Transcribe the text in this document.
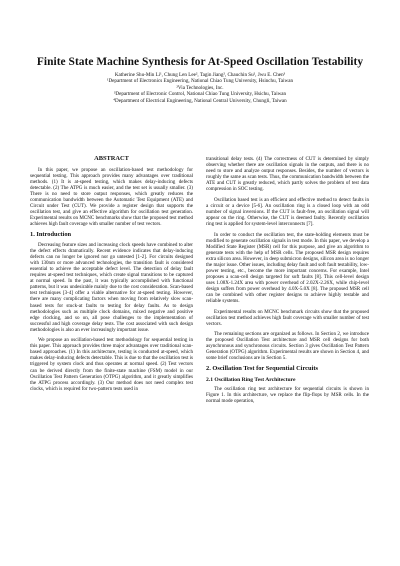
Finite State Machine Synthesis for At-Speed Oscillation Testability
Katherine Shu-Min Li¹, Chung Len Lee², Tagin Jiang², Chauchin Su², Jwu E. Chen³
¹Department of Electronics Engineering, National Chiao Tung University, Hsinchu, Taiwan
²Via Technologies, Inc.
³Department of Electronic Control, National Chiao Tung University, Hsichu, Taiwan
⁴Department of Electrical Engineering, National Central University, Chungli, Taiwan
ABSTRACT

In this paper, we propose an oscillation-based test methodology for sequential testing. This approach provides many advantages over traditional methods. (1) It is at-speed testing, which makes delay-inducing defects detectable. (2) The ATPG is much easier, and the test set is usually smaller. (3) There is no need to store output responses, which greatly reduces the communication bandwidth between the Automatic Test Equipment (ATE) and Circuit under Test (CUT). We provide a register design that supports the oscillation test, and give an effective algorithm for oscillation test generation. Experimental results on MCNC benchmarks show that the proposed test method achieves high fault coverage with smaller number of test vectors.

1. Introduction

Decreasing feature sizes and increasing clock speeds have combined to alter the defect effects dramatically. Recent evidence indicates that delay-inducing defects can no longer be ignored nor go untested [1-2]. For circuits designed with 130nm or more advanced technologies, the transition fault is considered essential to achieve the acceptable defect level. The detection of delay fault requires at-speed test techniques, which create signal transitions to be captured at normal speed. In the past, it was typically accomplished with functional patterns, but it was undesirable mainly due to the cost consideration. Scan-based test techniques [3-4] offer a viable alternative for at-speed testing. However, there are many complicating factors when moving from relatively slow scan-based tests for stuck-at faults to testing for delay faults. As to design methodologies such as multiple clock domains, mixed negative and positive edge clocking, and so on, all pose challenges to the implementation of successful and high coverage delay tests. The cost associated with such design methodologies is also an ever increasingly important issue.

We propose an oscillation-based test methodology for sequential testing in this paper. This approach provides three major advantages over traditional scan-based approaches. (1) In this architecture, testing is conducted at-speed, which makes delay-inducing defects detectable. This is due to that the oscillation test is triggered by system clock and thus operates at normal speed. (2) Test vectors can be derived directly from the finite-state machine (FSM) model in our Oscillation Test Pattern Generation (OTPG) algorithm, and it greatly simplifies the ATPG process accordingly. (3) Our method does not need complex test clocks, which is required for two-pattern tests used in

transitional delay tests. (4) The correctness of CUT is determined by simply observing whether there are oscillation signals in the outputs, and there is no need to store and analyze output responses. Besides, the number of vectors is roughly the same as scan tests. Thus, the communication bandwidth between the ATE and CUT is greatly reduced, which partly solves the problem of test data compression in SOC testing.

Oscillation based test is an efficient and effective method to detect faults in a circuit or a device [5-6]. An oscillation ring is a closed loop with an odd number of signal inversions. If the CUT is fault-free, an oscillation signal will appear on the ring. Otherwise, the CUT is deemed faulty. Recently oscillation ring test is applied for system-level interconnects [7].

In order to conduct the oscillation test, the state-holding elements must be modified to generate oscillation signals in test mode. In this paper, we develop a Modified State Register (MSR) cell for this purpose, and give an algorithm to generate tests with the help of MSR cells. The proposed MSR design requires extra silicon area. However, in deep submicron designs, silicon area is no longer the major issue. Other issues, including delay fault and soft fault testability, low-power testing, etc., become the more important concerns. For example, Intel proposes a scan-cell design targeted for soft faults [8]. This cell-level design uses 1.08X-1.24X area with power overhead of 2.02X-2.26X, while chip-level design suffers from power overhead by 4.0X-5.0X [8]. The proposed MSR cell can be combined with other register designs to achieve highly testable and reliable systems.

Experimental results on MCNC benchmark circuits show that the proposed oscillation test method achieves high fault coverage with smaller number of test vectors.

The remaining sections are organized as follows. In Section 2, we introduce the proposed Oscillation Test architecture and MSR cell designs for both asynchronous and synchronous circuits. Section 3 gives Oscillation Test Pattern Generation (OTPG) algorithm. Experimental results are shown in Section 4, and some brief conclusions are in Section 5.

2. Oscillation Test for Sequential Circuits
2.1 Oscillation Ring Test Architecture

The oscillation ring test architecture for sequential circuits is shown in Figure 1. In this architecture, we replace the flip-flops by MSR cells. In the normal mode operation,
